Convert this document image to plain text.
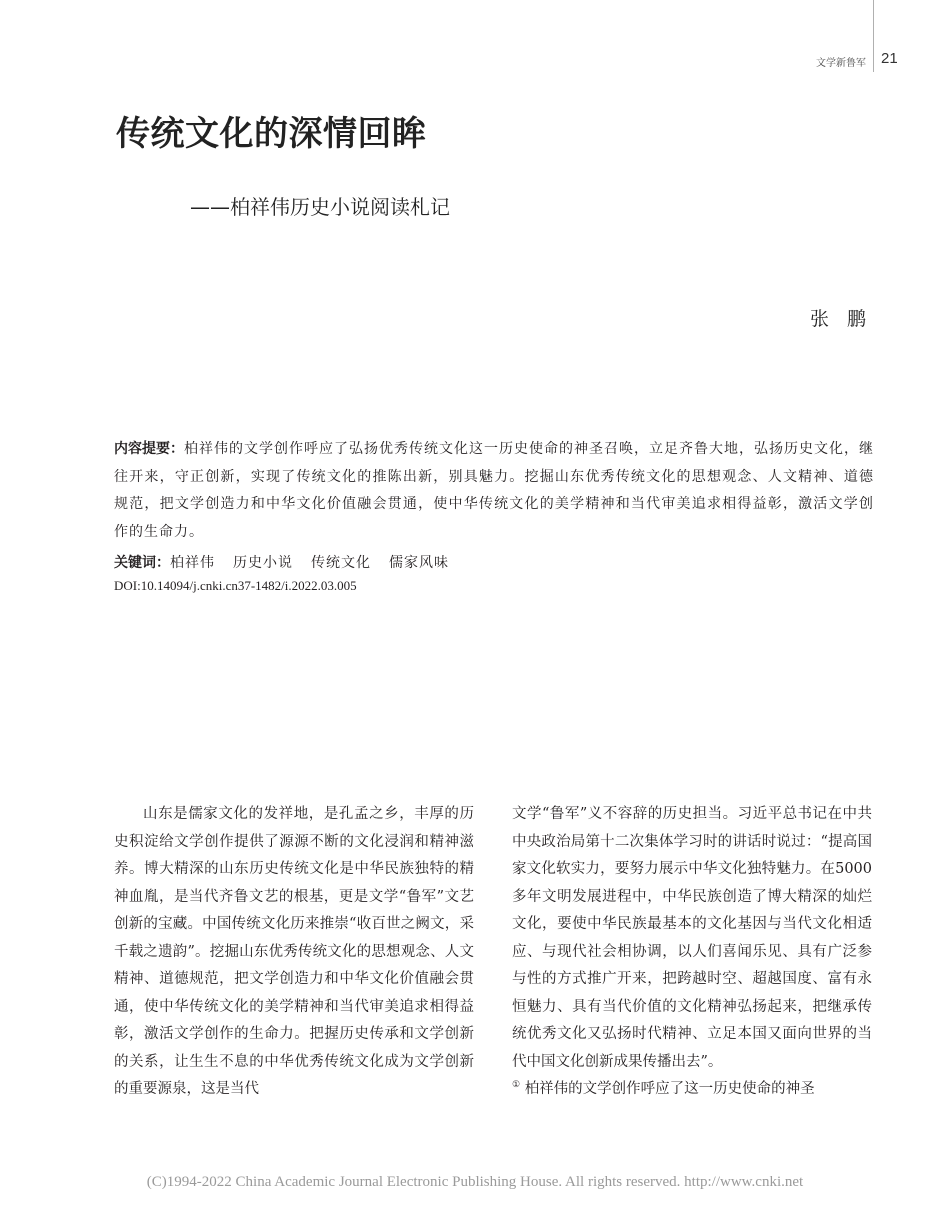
文学新鲁军 21
传统文化的深情回眸
——柏祥伟历史小说阅读札记
张 鹏
内容提要：柏祥伟的文学创作呼应了弘扬优秀传统文化这一历史使命的神圣召唤，立足齐鲁大地，弘扬历史文化，继往开来，守正创新，实现了传统文化的推陈出新，别具魅力。挖掘山东优秀传统文化的思想观念、人文精神、道德规范，把文学创造力和中华文化价值融会贯通，使中华传统文化的美学精神和当代审美追求相得益彰，激活文学创作的生命力。
关键词：柏祥伟 历史小说 传统文化 儒家风味
DOI:10.14094/j.cnki.cn37-1482/i.2022.03.005

山东是儒家文化的发祥地，是孔孟之乡，丰厚的历史积淀给文学创作提供了源源不断的文化浸润和精神滋养。博大精深的山东历史传统文化是中华民族独特的精神血胤，是当代齐鲁文艺的根基，更是文学“鲁军”文艺创新的宝藏。中国传统文化历来推崇“收百世之阙文，采千载之遗韵”。挖掘山东优秀传统文化的思想观念、人文精神、道德规范，把文学创造力和中华文化价值融会贯通，使中华传统文化的美学精神和当代审美追求相得益彰，激活文学创作的生命力。把握历史传承和文学创新的关系，让生生不息的中华优秀传统文化成为文学创新的重要源泉，这是当代

文学“鲁军”义不容辞的历史担当。习近平总书记在中共中央政治局第十二次集体学习时的讲话时说过：“提高国家文化软实力，要努力展示中华文化独特魅力。在5000多年文明发展进程中，中华民族创造了博大精深的灿烂文化，要使中华民族最基本的文化基因与当代文化相适应、与现代社会相协调，以人们喜闻乐见、具有广泛参与性的方式推广开来，把跨越时空、超越国度、富有永恒魅力、具有当代价值的文化精神弘扬起来，把继承传统优秀文化又弘扬时代精神、立足本国又面向世界的当代中国文化创新成果传播出去”。
① 柏祥伟的文学创作呼应了这一历史使命的神圣

(C)1994-2022 China Academic Journal Electronic Publishing House. All rights reserved. http://www.cnki.net
